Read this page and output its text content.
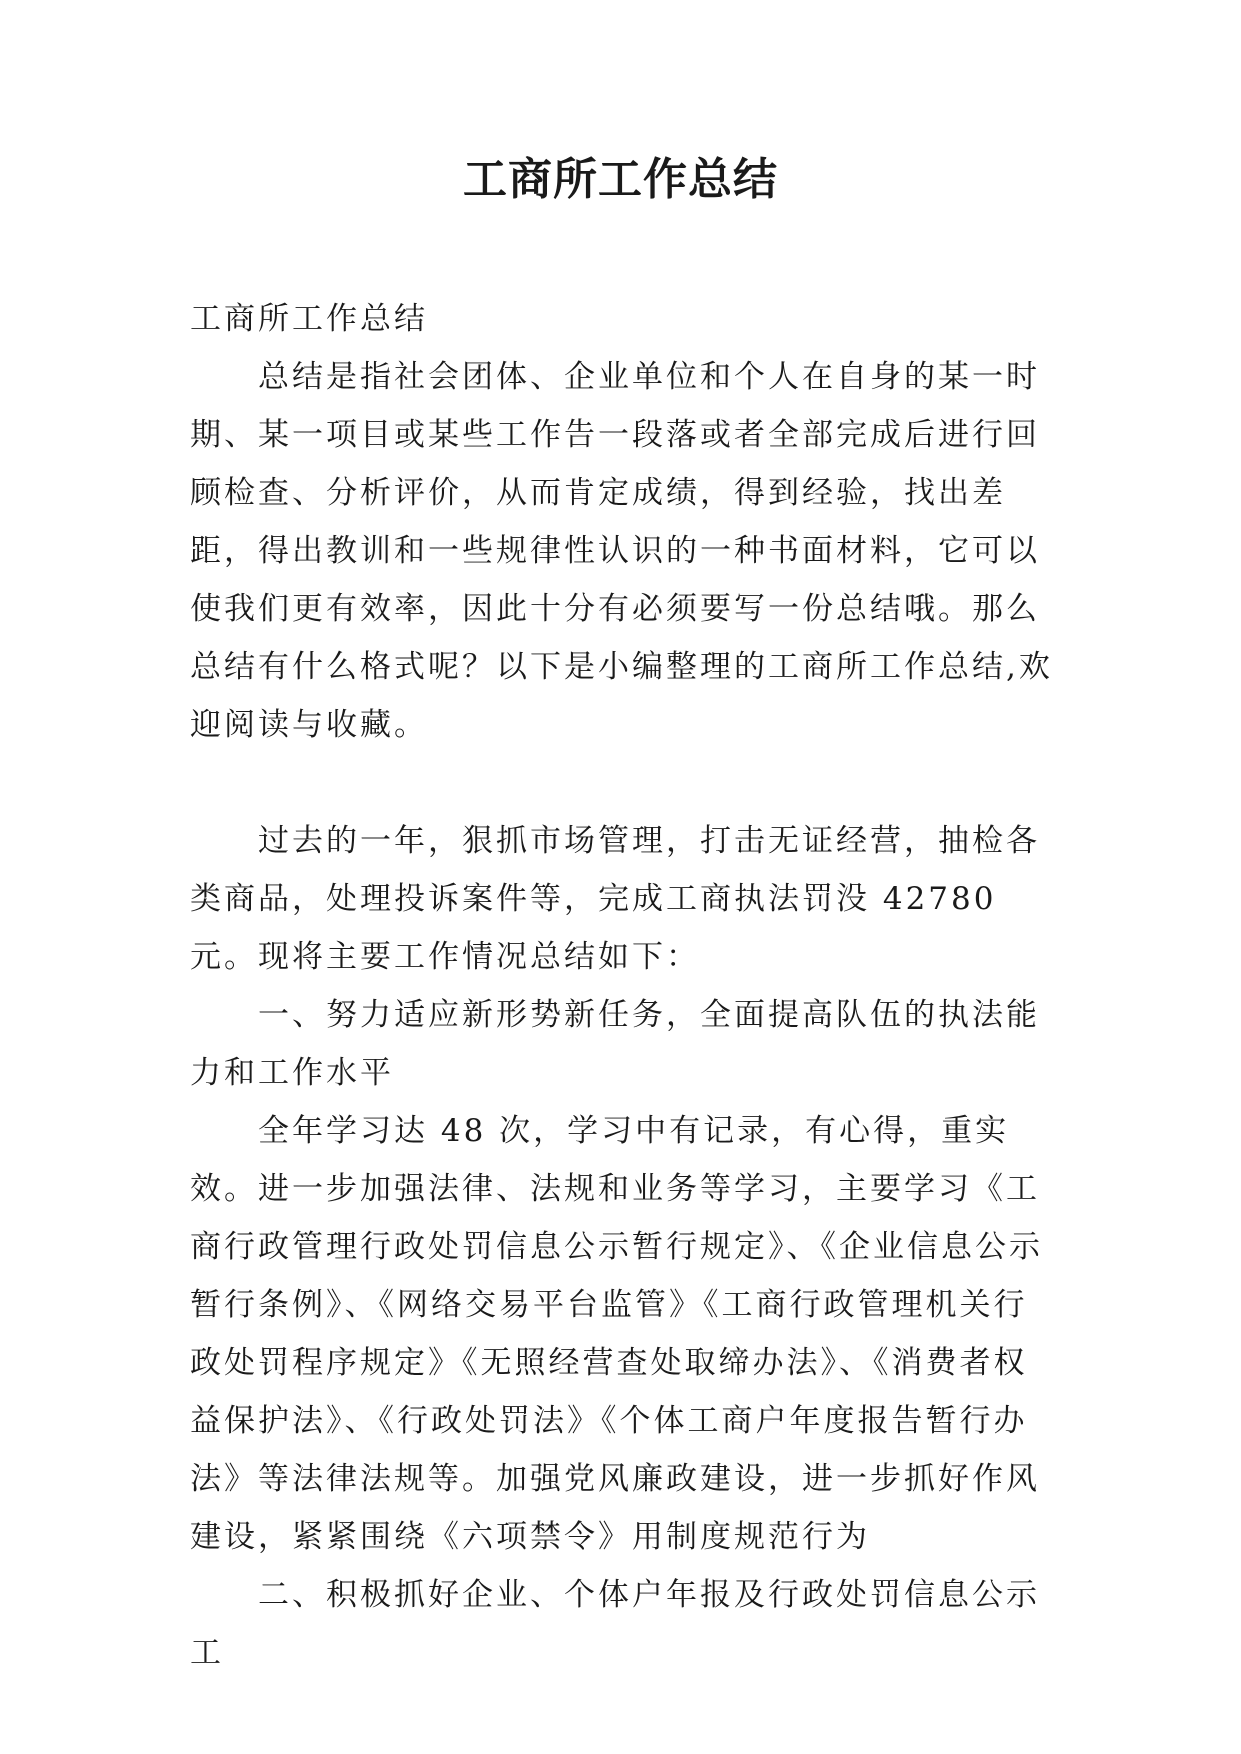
工商所工作总结

工商所工作总结

总结是指社会团体、企业单位和个人在自身的某一时期、某一项目或某些工作告一段落或者全部完成后进行回顾检查、分析评价，从而肯定成绩，得到经验，找出差距，得出教训和一些规律性认识的一种书面材料，它可以使我们更有效率，因此十分有必须要写一份总结哦。那么总结有什么格式呢？以下是小编整理的工商所工作总结,欢迎阅读与收藏。

过去的一年，狠抓市场管理，打击无证经营，抽检各类商品，处理投诉案件等，完成工商执法罚没 42780 元。现将主要工作情况总结如下：

一、努力适应新形势新任务，全面提高队伍的执法能力和工作水平

全年学习达 48 次，学习中有记录，有心得，重实效。进一步加强法律、法规和业务等学习，主要学习《工商行政管理行政处罚信息公示暂行规定》、《企业信息公示暂行条例》、《网络交易平台监管》《工商行政管理机关行政处罚程序规定》《无照经营查处取缔办法》、《消费者权益保护法》、《行政处罚法》《个体工商户年度报告暂行办法》等法律法规等。加强党风廉政建设，进一步抓好作风建设，紧紧围绕《六项禁令》用制度规范行为

二、积极抓好企业、个体户年报及行政处罚信息公示工
